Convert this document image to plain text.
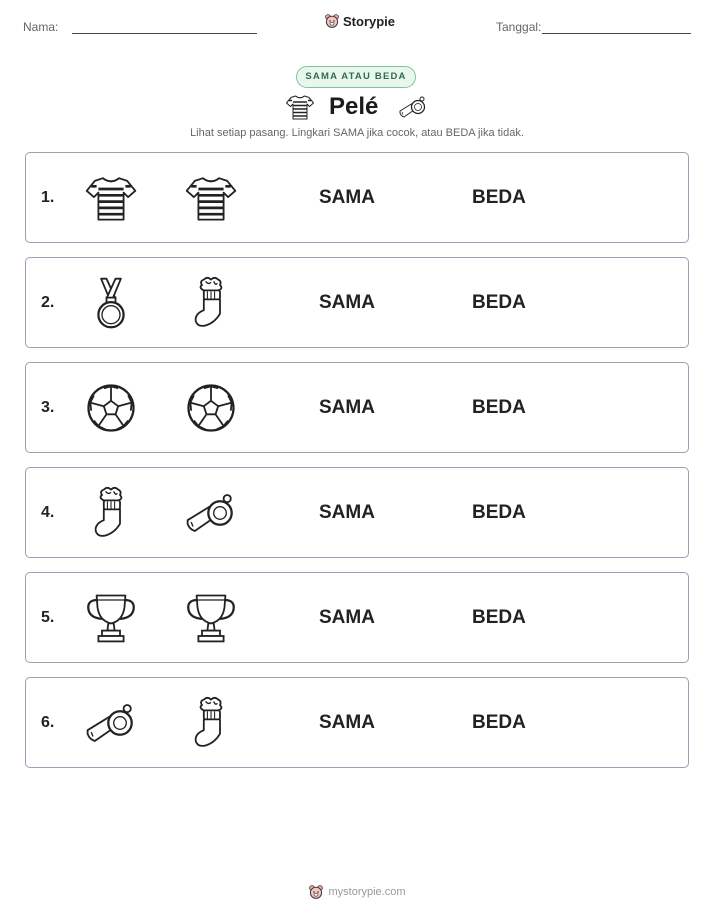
Nama:	Storypie	Tanggal:
SAMA ATAU BEDA
Pelé
Lihat setiap pasang. Lingkari SAMA jika cocok, atau BEDA jika tidak.
1.	SAMA	BEDA
2.	SAMA	BEDA
3.	SAMA	BEDA
4.	SAMA	BEDA
5.	SAMA	BEDA
6.	SAMA	BEDA
mystorypie.com
